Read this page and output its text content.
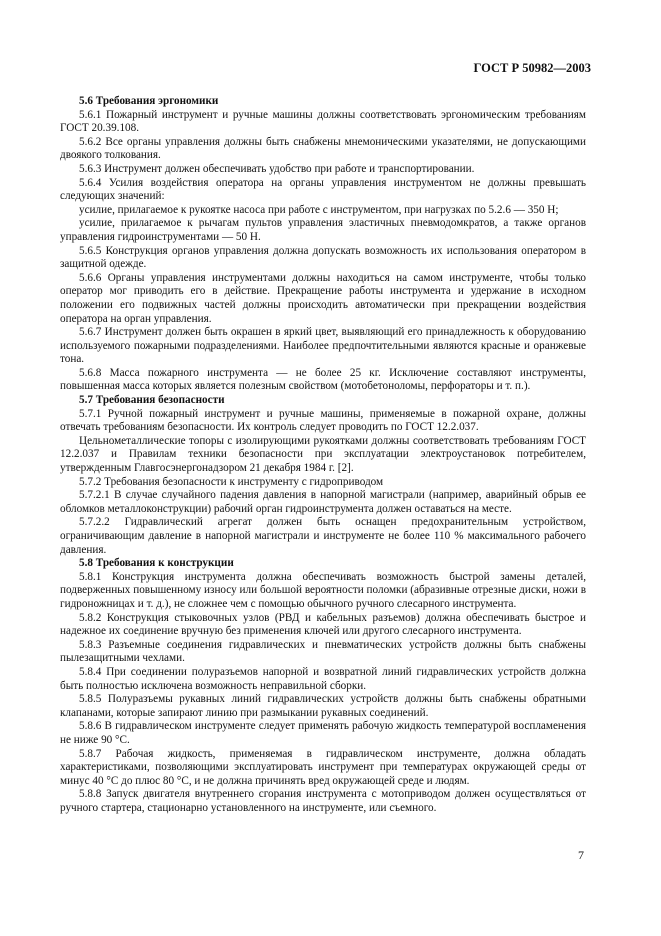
ГОСТ Р 50982—2003

5.6 Требования эргономики

5.6.1 Пожарный инструмент и ручные машины должны соответствовать эргономическим требованиям ГОСТ 20.39.108.

5.6.2 Все органы управления должны быть снабжены мнемоническими указателями, не допускающими двоякого толкования.

5.6.3 Инструмент должен обеспечивать удобство при работе и транспортировании.

5.6.4 Усилия воздействия оператора на органы управления инструментом не должны превышать следующих значений:

усилие, прилагаемое к рукоятке насоса при работе с инструментом, при нагрузках по 5.2.6 — 350 Н;

усилие, прилагаемое к рычагам пультов управления эластичных пневмодомкратов, а также органов управления гидроинструментами — 50 Н.

5.6.5 Конструкция органов управления должна допускать возможность их использования оператором в защитной одежде.

5.6.6 Органы управления инструментами должны находиться на самом инструменте, чтобы только оператор мог приводить его в действие. Прекращение работы инструмента и удержание в исходном положении его подвижных частей должны происходить автоматически при прекращении воздействия оператора на орган управления.

5.6.7 Инструмент должен быть окрашен в яркий цвет, выявляющий его принадлежность к оборудованию используемого пожарными подразделениями. Наиболее предпочтительными являются красные и оранжевые тона.

5.6.8 Масса пожарного инструмента — не более 25 кг. Исключение составляют инструменты, повышенная масса которых является полезным свойством (мотобетоноломы, перфораторы и т. п.).

5.7 Требования безопасности

5.7.1 Ручной пожарный инструмент и ручные машины, применяемые в пожарной охране, должны отвечать требованиям безопасности. Их контроль следует проводить по ГОСТ 12.2.037.

Цельнометаллические топоры с изолирующими рукоятками должны соответствовать требованиям ГОСТ 12.2.037 и Правилам техники безопасности при эксплуатации электроустановок потребителем, утвержденным Главгосэнергонадзором 21 декабря 1984 г. [2].

5.7.2 Требования безопасности к инструменту с гидроприводом

5.7.2.1 В случае случайного падения давления в напорной магистрали (например, аварийный обрыв ее обломков металлоконструкции) рабочий орган гидроинструмента должен оставаться на месте.

5.7.2.2 Гидравлический агрегат должен быть оснащен предохранительным устройством, ограничивающим давление в напорной магистрали и инструменте не более 110 % максимального рабочего давления.

5.8 Требования к конструкции

5.8.1 Конструкция инструмента должна обеспечивать возможность быстрой замены деталей, подверженных повышенному износу или большой вероятности поломки (абразивные отрезные диски, ножи в гидроножницах и т. д.), не сложнее чем с помощью обычного ручного слесарного инструмента.

5.8.2 Конструкция стыковочных узлов (РВД и кабельных разъемов) должна обеспечивать быстрое и надежное их соединение вручную без применения ключей или другого слесарного инструмента.

5.8.3 Разъемные соединения гидравлических и пневматических устройств должны быть снабжены пылезащитными чехлами.

5.8.4 При соединении полуразъемов напорной и возвратной линий гидравлических устройств должна быть полностью исключена возможность неправильной сборки.

5.8.5 Полуразъемы рукавных линий гидравлических устройств должны быть снабжены обратными клапанами, которые запирают линию при размыкании рукавных соединений.

5.8.6 В гидравлическом инструменте следует применять рабочую жидкость температурой воспламенения не ниже 90 °С.

5.8.7 Рабочая жидкость, применяемая в гидравлическом инструменте, должна обладать характеристиками, позволяющими эксплуатировать инструмент при температурах окружающей среды от минус 40 °С до плюс 80 °С, и не должна причинять вред окружающей среде и людям.

5.8.8 Запуск двигателя внутреннего сгорания инструмента с мотоприводом должен осуществляться от ручного стартера, стационарно установленного на инструменте, или съемного.

7
